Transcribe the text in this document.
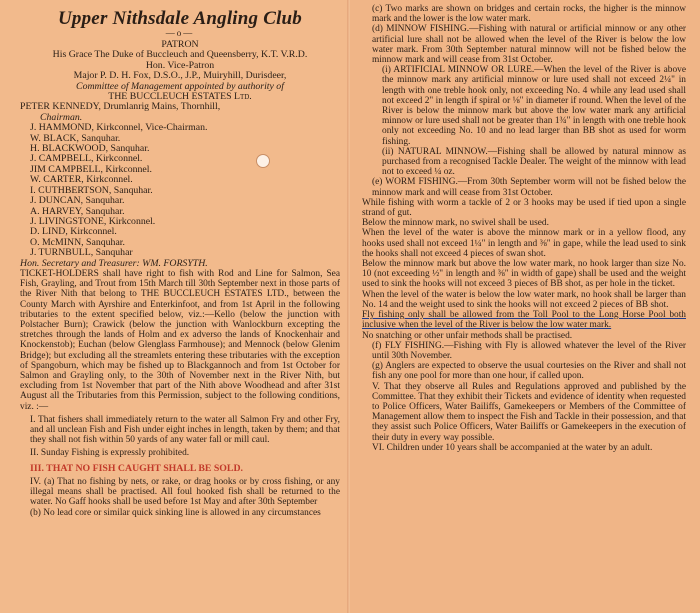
Upper Nithsdale Angling Club

—o—

PATRON

His Grace The Duke of Buccleuch and Queensberry, K.T. V.R.D.

Hon. Vice-Patron

Major P. D. H. Fox, D.S.O., J.P., Muiryhill, Durisdeer,

Committee of Management appointed by authority of

THE BUCCLEUCH ESTATES Ltd.

PETER KENNEDY, Drumlanrig Mains, Thornhill,

Chairman.

J. HAMMOND, Kirkconnel, Vice-Chairman.

W. BLACK, Sanquhar.

H. BLACKWOOD, Sanquhar.

J. CAMPBELL, Kirkconnel.

JIM CAMPBELL, Kirkconnel.

W. CARTER, Kirkconnel.

I. CUTHBERTSON, Sanquhar.

J. DUNCAN, Sanquhar.

A. HARVEY, Sanquhar.

J. LIVINGSTONE, Kirkconnel.

D. LIND, Kirkconnel.

O. McMINN, Sanquhar.

J. TURNBULL, Sanquhar

Hon. Secretary and Treasurer: WM. FORSYTH.

TICKET-HOLDERS shall have right to fish with Rod and Line for Salmon, Sea Fish, Grayling, and Trout from 15th March till 30th September next in those parts of the River Nith that belong to THE BUCCLEUCH ESTATES LTD., between the County March with Ayrshire and Enterkinfoot, and from 1st April in the following tributaries to the extent specified below, viz.:—Kello (below the junction with Polstacher Burn); Crawick (below the junction with Wanlockburn excepting the stretches through the lands of Holm and ex adverso the lands of Knockenhair and Knockenstob); Euchan (below Glenglass Farmhouse); and Mennock (below Glenim Bridge); but excluding all the streamlets entering these tributaries with the exception of Spangoburn, which may be fished up to Blackgannoch and from 1st October for Salmon and Grayling only, to the 30th of November next in the River Nith, but excluding from 1st November that part of the Nith above Woodhead and after 31st August all the Tributaries from this Permission, subject to the following conditions, viz. :—

I. That fishers shall immediately return to the water all Salmon Fry and other Fry, and all unclean Fish and Fish under eight inches in length, taken by them; and that they shall not fish within 50 yards of any water fall or mill caul.

II. Sunday Fishing is expressly prohibited.

III. THAT NO FISH CAUGHT SHALL BE SOLD.

IV. (a) That no fishing by nets, or rake, or drag hooks or by cross fishing, or any illegal means shall be practised. All foul hooked fish shall be returned to the water. No Gaff hooks shall be used before 1st May and after 30th September

(b) No lead core or similar quick sinking line is allowed in any circumstances

(c) Two marks are shown on bridges and certain rocks, the higher is the minnow mark and the lower is the low water mark.

(d) MINNOW FISHING.—Fishing with natural or artificial minnow or any other artificial lure shall not be allowed when the level of the River is below the low water mark. From 30th September natural minnow will not be fished below the minnow mark and will cease from 31st October.

(i) ARTIFICIAL MINNOW OR LURE.—When the level of the River is above the minnow mark any artificial minnow or lure used shall not exceed 2¼" in length with one treble hook only, not exceeding No. 4 while any lead used shall not exceed 2" in length if spiral or ⅛" in diameter if round. When the level of the River is below the minnow mark but above the low water mark any artificial minnow or lure used shall not be greater than 1¾" in length with one treble hook only not exceeding No. 10 and no lead larger than BB shot as used for worm fishing.

(ii) NATURAL MINNOW.—Fishing shall be allowed by natural minnow as purchased from a recognised Tackle Dealer. The weight of the minnow with lead not to exceed ¼ oz.

(e) WORM FISHING.—From 30th September worm will not be fished below the minnow mark and will cease from 31st October.

While fishing with worm a tackle of 2 or 3 hooks may be used if tied upon a single strand of gut.

Below the minnow mark, no swivel shall be used.

When the level of the water is above the minnow mark or in a yellow flood, any hooks used shall not exceed 1¼" in length and ⅜" in gape, while the lead used to sink the hooks shall not exceed 4 pieces of swan shot.

Below the minnow mark but above the low water mark, no hook larger than size No. 10 (not exceeding ½" in length and ⅜" in width of gape) shall be used and the weight used to sink the hooks will not exceed 3 pieces of BB shot, as per hole in the ticket.

When the level of the water is below the low water mark, no hook shall be larger than No. 14 and the weight used to sink the hooks will not exceed 2 pieces of BB shot.

Fly fishing only shall be allowed from the Toll Pool to the Long Horse Pool both inclusive when the level of the River is below the low water mark.

No snatching or other unfair methods shall be practised.

(f) FLY FISHING.—Fishing with Fly is allowed whatever the level of the River until 30th November.

(g) Anglers are expected to observe the usual courtesies on the River and shall not fish any one pool for more than one hour, if called upon.

V. That they observe all Rules and Regulations approved and published by the Committee. That they exhibit their Tickets and evidence of identity when requested to Police Officers, Water Bailiffs, Gamekeepers or Members of the Committee of Management allow them to inspect the Fish and Tackle in their possession, and that they assist such Police Officers, Water Bailiffs or Gamekeepers in the execution of their duty in every way possible.

VI. Children under 10 years shall be accompanied at the water by an adult.
